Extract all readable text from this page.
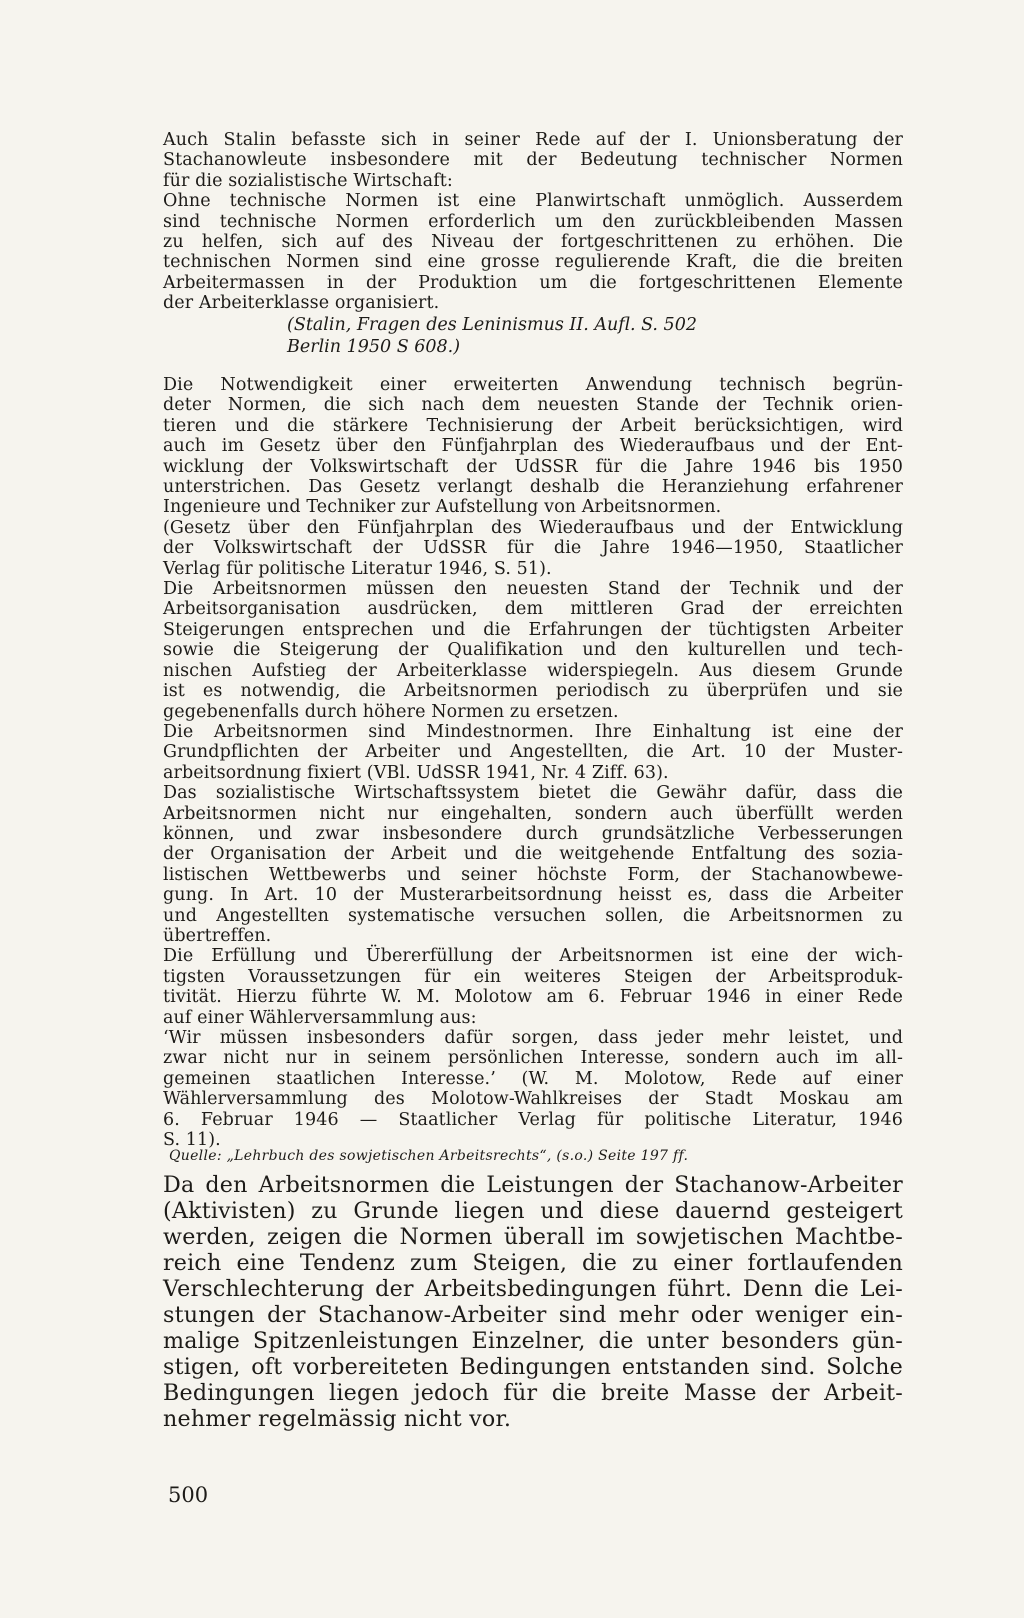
Auch Stalin befasste sich in seiner Rede auf der I. Unionsberatung der
Stachanowleute insbesondere mit der Bedeutung technischer Normen
für die sozialistische Wirtschaft:
Ohne technische Normen ist eine Planwirtschaft unmöglich. Ausserdem
sind technische Normen erforderlich um den zurückbleibenden Massen
zu helfen, sich auf des Niveau der fortgeschrittenen zu erhöhen. Die
technischen Normen sind eine grosse regulierende Kraft, die die breiten
Arbeitermassen in der Produktion um die fortgeschrittenen Elemente
der Arbeiterklasse organisiert.
(Stalin, Fragen des Leninismus II. Aufl. S. 502
Berlin 1950 S 608.)
Die Notwendigkeit einer erweiterten Anwendung technisch begrün-
deter Normen, die sich nach dem neuesten Stande der Technik orien-
tieren und die stärkere Technisierung der Arbeit berücksichtigen, wird
auch im Gesetz über den Fünfjahrplan des Wiederaufbaus und der Ent-
wicklung der Volkswirtschaft der UdSSR für die Jahre 1946 bis 1950
unterstrichen. Das Gesetz verlangt deshalb die Heranziehung erfahrener
Ingenieure und Techniker zur Aufstellung von Arbeitsnormen.
(Gesetz über den Fünfjahrplan des Wiederaufbaus und der Entwicklung
der Volkswirtschaft der UdSSR für die Jahre 1946—1950, Staatlicher
Verlag für politische Literatur 1946, S. 51).
Die Arbeitsnormen müssen den neuesten Stand der Technik und der
Arbeitsorganisation ausdrücken, dem mittleren Grad der erreichten
Steigerungen entsprechen und die Erfahrungen der tüchtigsten Arbeiter
sowie die Steigerung der Qualifikation und den kulturellen und tech-
nischen Aufstieg der Arbeiterklasse widerspiegeln. Aus diesem Grunde
ist es notwendig, die Arbeitsnormen periodisch zu überprüfen und sie
gegebenenfalls durch höhere Normen zu ersetzen.
Die Arbeitsnormen sind Mindestnormen. Ihre Einhaltung ist eine der
Grundpflichten der Arbeiter und Angestellten, die Art. 10 der Muster-
arbeitsordnung fixiert (VBl. UdSSR 1941, Nr. 4 Ziff. 63).
Das sozialistische Wirtschaftssystem bietet die Gewähr dafür, dass die
Arbeitsnormen nicht nur eingehalten, sondern auch überfüllt werden
können, und zwar insbesondere durch grundsätzliche Verbesserungen
der Organisation der Arbeit und die weitgehende Entfaltung des sozia-
listischen Wettbewerbs und seiner höchste Form, der Stachanowbewe-
gung. In Art. 10 der Musterarbeitsordnung heisst es, dass die Arbeiter
und Angestellten systematische versuchen sollen, die Arbeitsnormen zu
übertreffen.
Die Erfüllung und Übererfüllung der Arbeitsnormen ist eine der wich-
tigsten Voraussetzungen für ein weiteres Steigen der Arbeitsproduk-
tivität. Hierzu führte W. M. Molotow am 6. Februar 1946 in einer Rede
auf einer Wählerversammlung aus:
‘Wir müssen insbesonders dafür sorgen, dass jeder mehr leistet, und
zwar nicht nur in seinem persönlichen Interesse, sondern auch im all-
gemeinen staatlichen Interesse.’ (W. M. Molotow, Rede auf einer
Wählerversammlung des Molotow-Wahlkreises der Stadt Moskau am
6. Februar 1946 — Staatlicher Verlag für politische Literatur, 1946
S. 11).
Quelle: „Lehrbuch des sowjetischen Arbeitsrechts“, (s.o.) Seite 197 ff.
Da den Arbeitsnormen die Leistungen der Stachanow-Arbeiter
(Aktivisten) zu Grunde liegen und diese dauernd gesteigert
werden, zeigen die Normen überall im sowjetischen Machtbe-
reich eine Tendenz zum Steigen, die zu einer fortlaufenden
Verschlechterung der Arbeitsbedingungen führt. Denn die Lei-
stungen der Stachanow-Arbeiter sind mehr oder weniger ein-
malige Spitzenleistungen Einzelner, die unter besonders gün-
stigen, oft vorbereiteten Bedingungen entstanden sind. Solche
Bedingungen liegen jedoch für die breite Masse der Arbeit-
nehmer regelmässig nicht vor.
500
